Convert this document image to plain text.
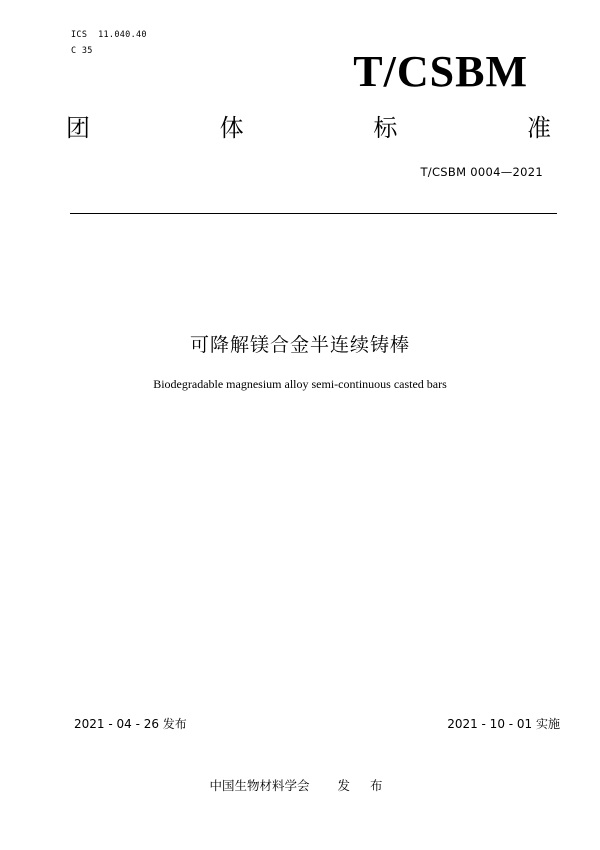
ICS  11.040.40
C 35	T/CSBM
团	体	标	准
T/CSBM 0004—2021
可降解镁合金半连续铸棒
Biodegradable magnesium alloy semi-continuous casted bars
2021 - 04 - 26 发布	2021 - 10 - 01 实施
中国生物材料学会 发 布
